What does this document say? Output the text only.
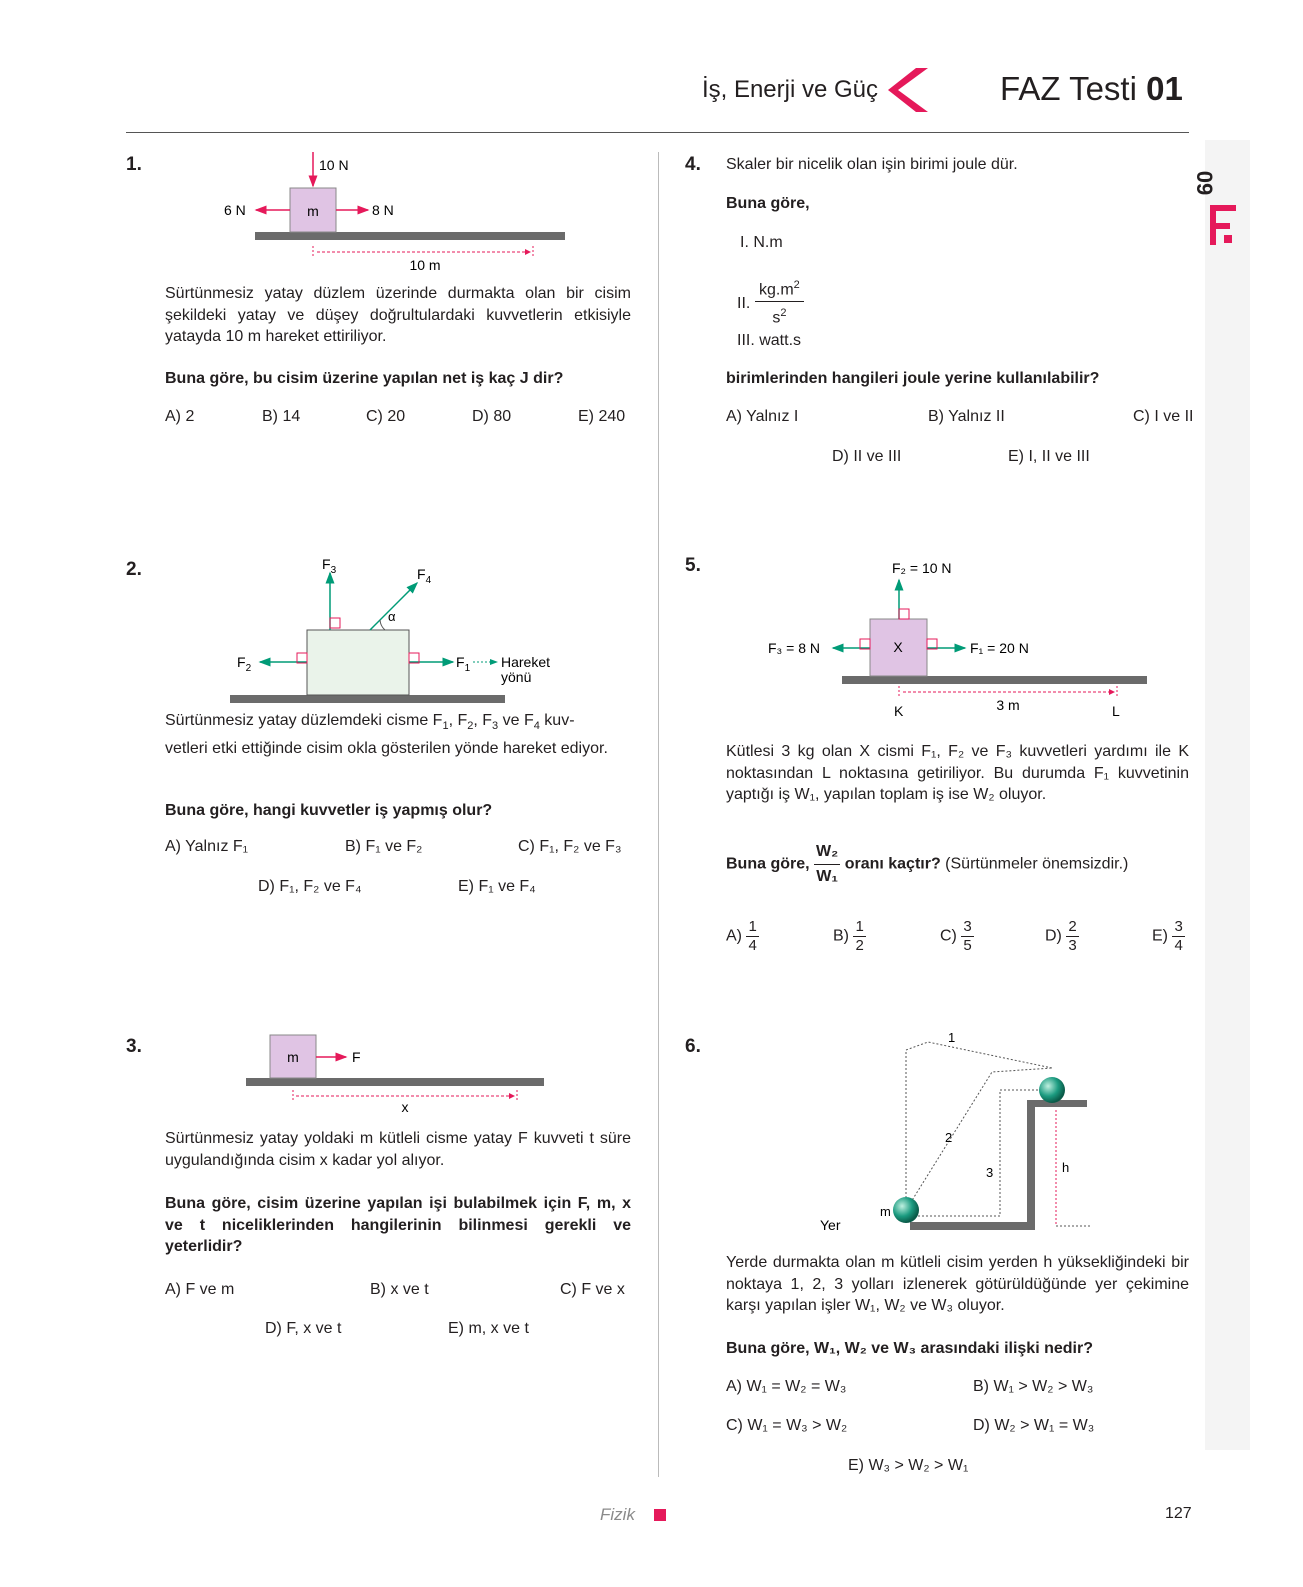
İş, Enerji ve Güç	FAZ Testi 01
09
1.
m
10 N
6 N	8 N
10 m
Sürtünmesiz yatay düzlem üzerinde durmakta olan bir cisim şekildeki yatay ve düşey doğrultulardaki kuvvetlerin etkisiyle yatayda 10 m hareket ettiriliyor.
Buna göre, bu cisim üzerine yapılan net iş kaç J dir?
A) 2	B) 14	C) 20	D) 80	E) 240
2.	$F_3$
α
$F_4$
$F_2$	$F_1$ Hareket
yönü
Sürtünmesiz yatay düzlemdeki cisme $F_1$, $F_2$, $F_3$ ve $F_4$ kuv-
vetleri etki ettiğinde cisim okla gösterilen yönde hareket ediyor.
Buna göre, hangi kuvvetler iş yapmış olur?
A) Yalnız F₁	B) F₁ ve F₂	C) F₁, F₂ ve F₃
D) F₁, F₂ ve F₄	E) F₁ ve F₄
3.	m	F
x
Sürtünmesiz yatay yoldaki m kütleli cisme yatay F kuvveti t süre uygulandığında cisim x kadar yol alıyor.
Buna göre, cisim üzerine yapılan işi bulabilmek için F, m, x ve t niceliklerinden hangilerinin bilinmesi gerekli ve yeterlidir?
A) F ve m	B) x ve t	C) F ve x
D) F, x ve t	E) m, x ve t
4. Skaler bir nicelik olan işin birimi joule dür.
Buna göre,
I. N.m
II. $\frac{kg.m^2}{s^2}$
III. watt.s
birimlerinden hangileri joule yerine kullanılabilir?
A) Yalnız I	B) Yalnız II	C) I ve II
D) II ve III	E) I, II ve III
5.
X
F₂ = 10 N
F₃ = 8 N	F₁ = 20 N
3 m
K	L
Kütlesi 3 kg olan X cismi F₁, F₂ ve F₃ kuvvetleri yardımı ile K noktasından L noktasına getiriliyor. Bu durumda F₁ kuvvetinin yaptığı iş W₁, yapılan toplam iş ise W₂ oluyor.
Buna göre, $\frac{\text{W₂}}{\text{W₁}}$ oranı kaçtır? (Sürtünmeler önemsizdir.)
$A) \frac{1}{4}$	$B) \frac{1}{2}$	$C) \frac{3}{5}$	$D) \frac{2}{3}$	$E) \frac{3}{4}$
6.	1
2
3	h
m
Yer
Yerde durmakta olan m kütleli cisim yerden h yüksekliğindeki bir noktaya 1, 2, 3 yolları izlenerek götürüldüğünde yer çekimine karşı yapılan işler W₁, W₂ ve W₃ oluyor.
Buna göre, W₁, W₂ ve W₃ arasındaki ilişki nedir?
A) W₁ = W₂ = W₃	B) W₁ > W₂ > W₃
C) W₁ = W₃ > W₂	D) W₂ > W₁ = W₃
E) W₃ > W₂ > W₁
Fizik	127
